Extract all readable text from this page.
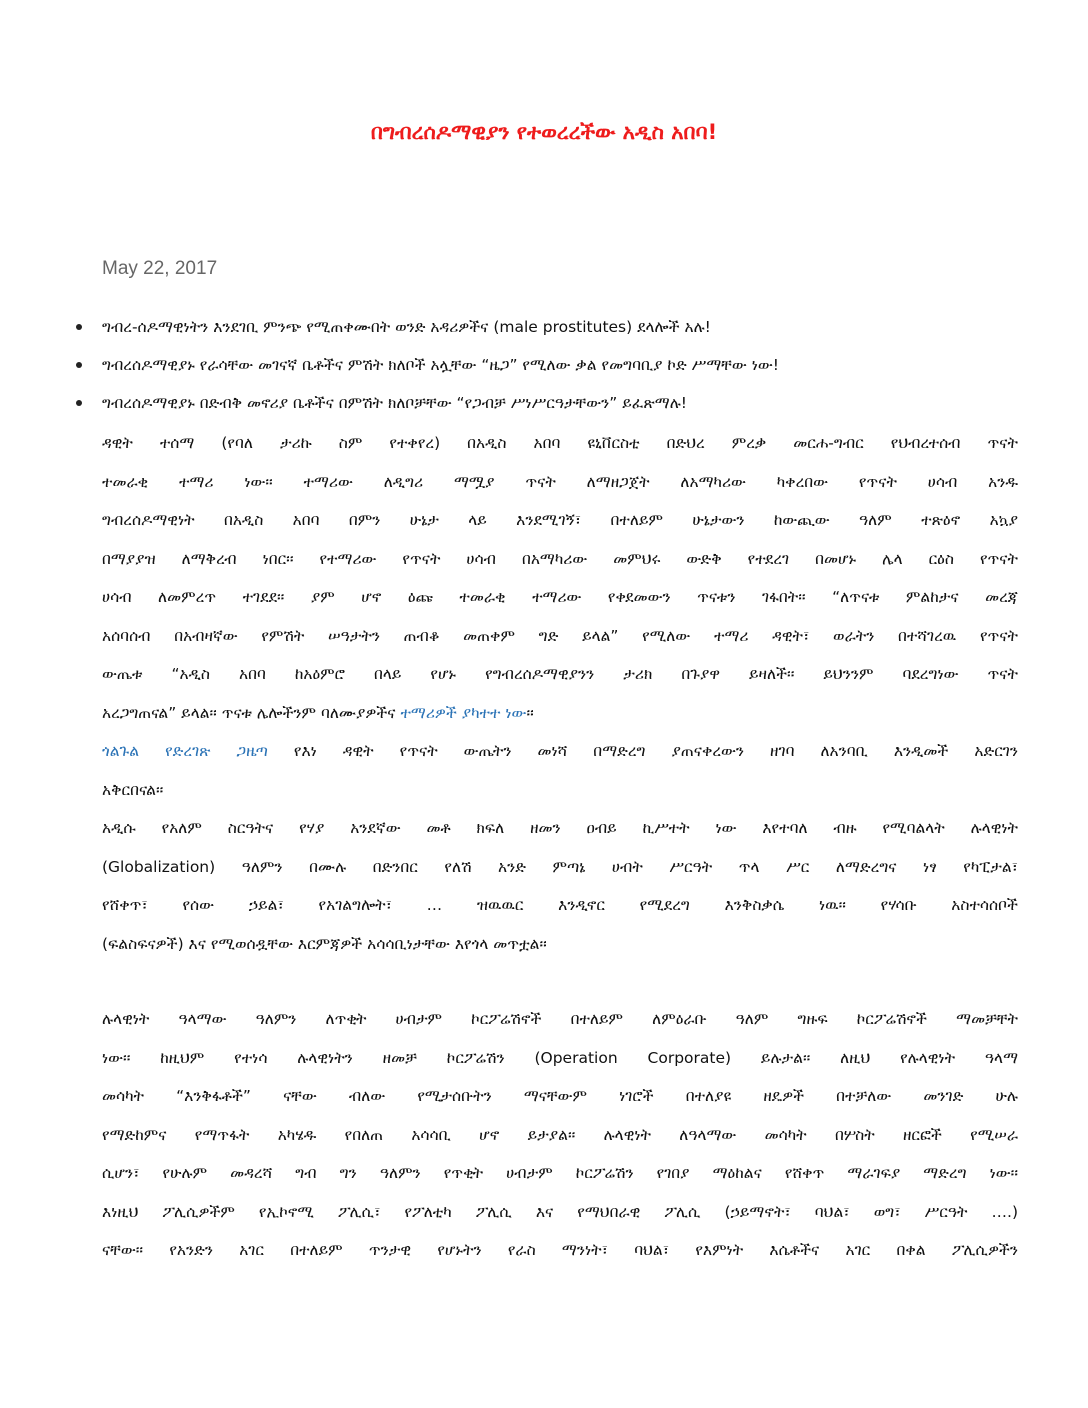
በግብረሰዶማዊያን የተወረረችው አዲስ አበባ!
May 22, 2017
ግብረ-ሰዶማዊነትን እንደገቢ ምንጭ የሚጠቀሙበት ወንድ አዳሪዎችና (male prostitutes) ደላሎች አሉ!
ግብረሰዶማዊያኑ የራሳቸው መገናኛ ቤቶችና ምሽት ክለቦች አሏቸው “ዜጋ” የሚለው ቃል የመግባቢያ ኮድ ሥማቸው ነው!
ግብረሰዶማዊያኑ በድብቅ መኖሪያ ቤቶችና በምሽት ክለቦቻቸው “የጋብቻ ሥነሥርዓታቸውን” ይፈጽማሉ!

ዳዊት ተሰማ (የባለ ታሪኩ ስም የተቀየረ) በአዲስ አበባ ዩኒቨርስቲ በድህረ ምረቃ መርሐ-ግብር የህብረተሰብ ጥናት

ተመራቂ ተማሪ ነው፡፡ ተማሪው ለዲግሪ ማሟያ ጥናት ለማዘጋጀት ለአማካሪው ካቀረበው የጥናት ሀሳብ አንዱ

ግብረሰዶማዊነት በአዲስ አበባ በምን ሁኔታ ላይ እንደሚገኝ፣ በተለይም ሁኔታውን ከውጪው ዓለም ተጽዕኖ አኳያ

በማያያዝ ለማቅረብ ነበር፡፡ የተማሪው የጥናት ሀሳብ በአማካሪው መምህሩ ውድቅ የተደረገ በመሆኑ ሌላ ርዕስ የጥናት

ሀሳብ ለመምረጥ ተገደደ፡፡ ያም ሆኖ ዕጩ ተመራቂ ተማሪው የቀደመውን ጥናቱን ገፋበት፡፡ “ለጥናቱ ምልከታና መረጃ

አሰባሰብ በአብዛኛው የምሽት ሠዓታትን ጠብቆ መጠቀም ግድ ይላል” የሚለው ተማሪ ዳዊት፣ ወራትን በተሻገረዉ የጥናት

ውጤቱ “አዲስ አበባ ከአዕምሮ በላይ የሆኑ የግብረሰዶማዊያንን ታሪክ በጉያዋ ይዛለች፡፡ ይህንንም ባደረግነው ጥናት

አረጋግጠናል” ይላል፡፡ ጥናቱ ሌሎችንም ባለሙያዎችና ተማሪዎች ያካተተ ነው፡፡

ጎልጉል የድረገጽ ጋዜጣ የእነ ዳዊት የጥናት ውጤትን መነሻ በማድረግ ያጠናቀረውን ዘገባ ለአንባቢ እንዲመች አድርገን

አቅርበናል፡፡

አዲሱ የአለም ስርዓትና የሃያ አንደኛው መቶ ክፍለ ዘመን ዐብይ ኪሥተት ነው እየተባለ ብዙ የሚባልላት ሉላዊነት

(Globalization) ዓለምን በሙሉ በድንበር የለሽ አንድ ምጣኔ ሀብት ሥርዓት ጥላ ሥር ለማድረግና ነፃ የካፒታል፣

የሸቀጥ፣ የሰው ኃይል፣ የአገልግሎት፣ … ዝዉዉር እንዲኖር የሚደረግ እንቅስቃሴ ነዉ፡፡ የሃሳቡ አስተሳሰቦች

(ፍልስፍናዎች) እና የሚወሰዷቸው እርምጃዎች አሳሳቢነታቸው እየጎላ መጥቷል፡፡

ሉላዊነት ዓላማው ዓለምን ለጥቂት ሀብታም ኮርፖሬሽኖች በተለይም ለምዕራቡ ዓለም ግዙፍ ኮርፖሬሽኖች ማመቻቸት

ነው፡፡ ከዚህም የተነሳ ሉላዊነትን ዘመቻ ኮርፖሬሽን (Operation Corporate) ይሉታል፡፡ ለዚህ የሉላዊነት ዓላማ

መሳካት “እንቅፋቶች” ናቸው ብለው የሚታሰቡትን ማናቸውም ነገሮች በተለያዩ ዘዴዎች በተቻለው መንገድ ሁሉ

የማድከምና የማጥፋት አካሄዱ የበለጠ አሳሳቢ ሆኖ ይታያል፡፡ ሉላዊነት ለዓላማው መሳካት በሦስት ዘርፎች የሚሠራ

ሲሆን፣ የሁሉም መዳረሻ ግብ ግን ዓለምን የጥቂት ሀብታም ኮርፖሬሽን የገበያ ማዕከልና የሸቀጥ ማራገፍያ ማድረግ ነው፡፡

እነዚህ ፖሊሲዎችም የኢኮኖሚ ፖሊሲ፣ የፖለቲካ ፖሊሲ እና የማህበራዊ ፖሊሲ (ኃይማኖት፣ ባህል፣ ወግ፣ ሥርዓት ….)

ናቸው፡፡ የአንድን አገር በተለይም ጥንታዊ የሆኑትን የራስ ማንነት፣ ባህል፣ የእምነት እሴቶችና አገር በቀል ፖሊሲዎችን
